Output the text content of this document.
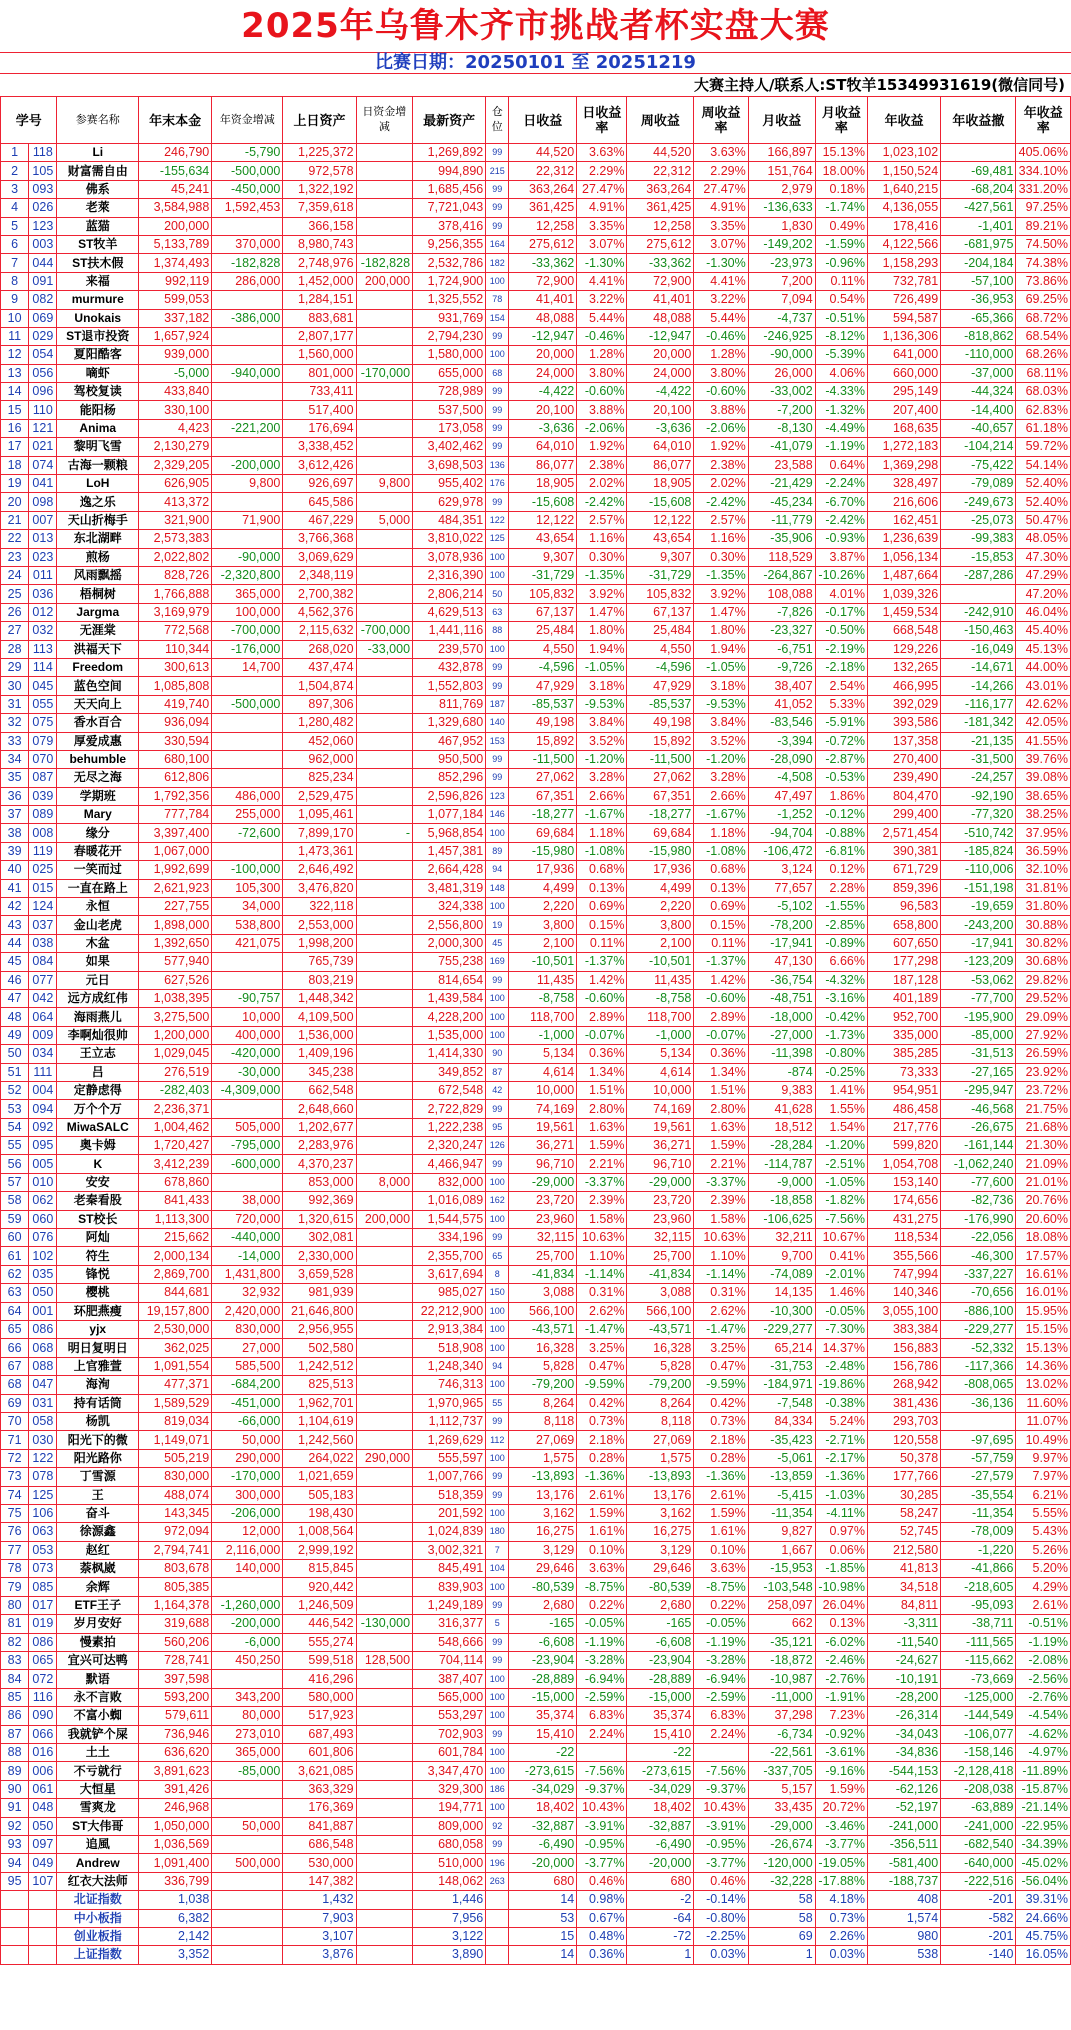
2025年乌鲁木齐市挑战者杯实盘大赛
比赛日期：20250101 至 20251219
大赛主持人/联系人:ST牧羊15349931619(微信同号)
学号		参赛名称	年末本金	年资金增减	上日资产	日资金增减	最新资产	仓位	日收益	日收益率	周收益	周收益率	月收益	月收益率	年收益	年收益撤	年收益率
1	118	Li	246,790	-5,790	1,225,372		1,269,892	99	44,520	3.63%	44,520	3.63%	166,897	15.13%	1,023,102		405.06%
2	105	财富需自由	-155,634	-500,000	972,578		994,890	215	22,312	2.29%	22,312	2.29%	151,764	18.00%	1,150,524	-69,481	334.10%
3	093	佛系	45,241	-450,000	1,322,192		1,685,456	99	363,264	27.47%	363,264	27.47%	2,979	0.18%	1,640,215	-68,204	331.20%
4	026	老萊	3,584,988	1,592,453	7,359,618		7,721,043	99	361,425	4.91%	361,425	4.91%	-136,633	-1.74%	4,136,055	-427,561	97.25%
5	123	蓝猫	200,000		366,158		378,416	99	12,258	3.35%	12,258	3.35%	1,830	0.49%	178,416	-1,401	89.21%
6	003	ST牧羊	5,133,789	370,000	8,980,743		9,256,355	164	275,612	3.07%	275,612	3.07%	-149,202	-1.59%	4,122,566	-681,975	74.50%
7	044	ST扶木假	1,374,493	-182,828	2,748,976	-182,828	2,532,786	182	-33,362	-1.30%	-33,362	-1.30%	-23,973	-0.96%	1,158,293	-204,184	74.38%
8	091	来福	992,119	286,000	1,452,000	200,000	1,724,900	100	72,900	4.41%	72,900	4.41%	7,200	0.11%	732,781	-57,100	73.86%
9	082	murmure	599,053		1,284,151		1,325,552	78	41,401	3.22%	41,401	3.22%	7,094	0.54%	726,499	-36,953	69.25%
10	069	Unokais	337,182	-386,000	883,681		931,769	154	48,088	5.44%	48,088	5.44%	-4,737	-0.51%	594,587	-65,366	68.72%
11	029	ST退市投资	1,657,924		2,807,177		2,794,230	99	-12,947	-0.46%	-12,947	-0.46%	-246,925	-8.12%	1,136,306	-818,862	68.54%
12	054	夏阳酷客	939,000		1,560,000		1,580,000	100	20,000	1.28%	20,000	1.28%	-90,000	-5.39%	641,000	-110,000	68.26%
13	056	嘀虾	-5,000	-940,000	801,000	-170,000	655,000	68	24,000	3.80%	24,000	3.80%	26,000	4.06%	660,000	-37,000	68.11%
14	096	驾校复读	433,840		733,411		728,989	99	-4,422	-0.60%	-4,422	-0.60%	-33,002	-4.33%	295,149	-44,324	68.03%
15	110	能阳杨	330,100		517,400		537,500	99	20,100	3.88%	20,100	3.88%	-7,200	-1.32%	207,400	-14,400	62.83%
16	121	Anima	4,423	-221,200	176,694		173,058	99	-3,636	-2.06%	-3,636	-2.06%	-8,130	-4.49%	168,635	-40,657	61.18%
17	021	黎明飞雪	2,130,279		3,338,452		3,402,462	99	64,010	1.92%	64,010	1.92%	-41,079	-1.19%	1,272,183	-104,214	59.72%
18	074	古海一颗粮	2,329,205	-200,000	3,612,426		3,698,503	136	86,077	2.38%	86,077	2.38%	23,588	0.64%	1,369,298	-75,422	54.14%
19	041	LoH	626,905	9,800	926,697	9,800	955,402	176	18,905	2.02%	18,905	2.02%	-21,429	-2.24%	328,497	-79,089	52.40%
20	098	逸之乐	413,372		645,586		629,978	99	-15,608	-2.42%	-15,608	-2.42%	-45,234	-6.70%	216,606	-249,673	52.40%
21	007	天山折梅手	321,900	71,900	467,229	5,000	484,351	122	12,122	2.57%	12,122	2.57%	-11,779	-2.42%	162,451	-25,073	50.47%
22	013	东北湖畔	2,573,383		3,766,368		3,810,022	125	43,654	1.16%	43,654	1.16%	-35,906	-0.93%	1,236,639	-99,383	48.05%
23	023	煎杨	2,022,802	-90,000	3,069,629		3,078,936	100	9,307	0.30%	9,307	0.30%	118,529	3.87%	1,056,134	-15,853	47.30%
24	011	风雨飘摇	828,726	-2,320,800	2,348,119		2,316,390	100	-31,729	-1.35%	-31,729	-1.35%	-264,867	-10.26%	1,487,664	-287,286	47.29%
25	036	梧桐树	1,766,888	365,000	2,700,382		2,806,214	50	105,832	3.92%	105,832	3.92%	108,088	4.01%	1,039,326		47.20%
26	012	Jargma	3,169,979	100,000	4,562,376		4,629,513	63	67,137	1.47%	67,137	1.47%	-7,826	-0.17%	1,459,534	-242,910	46.04%
27	032	无涯棠	772,568	-700,000	2,115,632	-700,000	1,441,116	88	25,484	1.80%	25,484	1.80%	-23,327	-0.50%	668,548	-150,463	45.40%
28	113	洪福天下	110,344	-176,000	268,020	-33,000	239,570	100	4,550	1.94%	4,550	1.94%	-6,751	-2.19%	129,226	-16,049	45.13%
29	114	Freedom	300,613	14,700	437,474		432,878	99	-4,596	-1.05%	-4,596	-1.05%	-9,726	-2.18%	132,265	-14,671	44.00%
30	045	蓝色空间	1,085,808		1,504,874		1,552,803	99	47,929	3.18%	47,929	3.18%	38,407	2.54%	466,995	-14,266	43.01%
31	055	天天向上	419,740	-500,000	897,306		811,769	187	-85,537	-9.53%	-85,537	-9.53%	41,052	5.33%	392,029	-116,177	42.62%
32	075	香水百合	936,094		1,280,482		1,329,680	140	49,198	3.84%	49,198	3.84%	-83,546	-5.91%	393,586	-181,342	42.05%
33	079	厚爱成惠	330,594		452,060		467,952	153	15,892	3.52%	15,892	3.52%	-3,394	-0.72%	137,358	-21,135	41.55%
34	070	behumble	680,100		962,000		950,500	99	-11,500	-1.20%	-11,500	-1.20%	-28,090	-2.87%	270,400	-31,500	39.76%
35	087	无尽之海	612,806		825,234		852,296	99	27,062	3.28%	27,062	3.28%	-4,508	-0.53%	239,490	-24,257	39.08%
36	039	学期班	1,792,356	486,000	2,529,475		2,596,826	123	67,351	2.66%	67,351	2.66%	47,497	1.86%	804,470	-92,190	38.65%
37	089	Mary	777,784	255,000	1,095,461		1,077,184	146	-18,277	-1.67%	-18,277	-1.67%	-1,252	-0.12%	299,400	-77,320	38.25%
38	008	缘分	3,397,400	-72,600	7,899,170	-	5,968,854	100	69,684	1.18%	69,684	1.18%	-94,704	-0.88%	2,571,454	-510,742	37.95%
39	119	春暖花开	1,067,000		1,473,361		1,457,381	89	-15,980	-1.08%	-15,980	-1.08%	-106,472	-6.81%	390,381	-185,824	36.59%
40	025	一笑而过	1,992,699	-100,000	2,646,492		2,664,428	94	17,936	0.68%	17,936	0.68%	3,124	0.12%	671,729	-110,006	32.10%
41	015	一直在路上	2,621,923	105,300	3,476,820		3,481,319	148	4,499	0.13%	4,499	0.13%	77,657	2.28%	859,396	-151,198	31.81%
42	124	永恒	227,755	34,000	322,118		324,338	100	2,220	0.69%	2,220	0.69%	-5,102	-1.55%	96,583	-19,659	31.80%
43	037	金山老虎	1,898,000	538,800	2,553,000		2,556,800	19	3,800	0.15%	3,800	0.15%	-78,200	-2.85%	658,800	-243,200	30.88%
44	038	木盆	1,392,650	421,075	1,998,200		2,000,300	45	2,100	0.11%	2,100	0.11%	-17,941	-0.89%	607,650	-17,941	30.82%
45	084	如果	577,940		765,739		755,238	169	-10,501	-1.37%	-10,501	-1.37%	47,130	6.66%	177,298	-123,209	30.68%
46	077	元日	627,526		803,219		814,654	99	11,435	1.42%	11,435	1.42%	-36,754	-4.32%	187,128	-53,062	29.82%
47	042	远方成红伟	1,038,395	-90,757	1,448,342		1,439,584	100	-8,758	-0.60%	-8,758	-0.60%	-48,751	-3.16%	401,189	-77,700	29.52%
48	064	海雨燕儿	3,275,500	10,000	4,109,500		4,228,200	100	118,700	2.89%	118,700	2.89%	-18,000	-0.42%	952,700	-195,900	29.09%
49	009	李啊灿很帅	1,200,000	400,000	1,536,000		1,535,000	100	-1,000	-0.07%	-1,000	-0.07%	-27,000	-1.73%	335,000	-85,000	27.92%
50	034	王立志	1,029,045	-420,000	1,409,196		1,414,330	90	5,134	0.36%	5,134	0.36%	-11,398	-0.80%	385,285	-31,513	26.59%
51	111	吕	276,519	-30,000	345,238		349,852	87	4,614	1.34%	4,614	1.34%	-874	-0.25%	73,333	-27,165	23.92%
52	004	定静虑得	-282,403	-4,309,000	662,548		672,548	42	10,000	1.51%	10,000	1.51%	9,383	1.41%	954,951	-295,947	23.72%
53	094	万个个万	2,236,371		2,648,660		2,722,829	99	74,169	2.80%	74,169	2.80%	41,628	1.55%	486,458	-46,568	21.75%
54	092	MiwaSALC	1,004,462	505,000	1,202,677		1,222,238	95	19,561	1.63%	19,561	1.63%	18,512	1.54%	217,776	-26,675	21.68%
55	095	奥卡姆	1,720,427	-795,000	2,283,976		2,320,247	126	36,271	1.59%	36,271	1.59%	-28,284	-1.20%	599,820	-161,144	21.30%
56	005	K	3,412,239	-600,000	4,370,237		4,466,947	99	96,710	2.21%	96,710	2.21%	-114,787	-2.51%	1,054,708	-1,062,240	21.09%
57	010	安安	678,860		853,000	8,000	832,000	100	-29,000	-3.37%	-29,000	-3.37%	-9,000	-1.05%	153,140	-77,600	21.01%
58	062	老秦看股	841,433	38,000	992,369		1,016,089	162	23,720	2.39%	23,720	2.39%	-18,858	-1.82%	174,656	-82,736	20.76%
59	060	ST校长	1,113,300	720,000	1,320,615	200,000	1,544,575	100	23,960	1.58%	23,960	1.58%	-106,625	-7.56%	431,275	-176,990	20.60%
60	076	阿灿	215,662	-440,000	302,081		334,196	99	32,115	10.63%	32,115	10.63%	32,211	10.67%	118,534	-22,056	18.08%
61	102	符生	2,000,134	-14,000	2,330,000		2,355,700	65	25,700	1.10%	25,700	1.10%	9,700	0.41%	355,566	-46,300	17.57%
62	035	锋悦	2,869,700	1,431,800	3,659,528		3,617,694	8	-41,834	-1.14%	-41,834	-1.14%	-74,089	-2.01%	747,994	-337,227	16.61%
63	050	樱桃	844,681	32,932	981,939		985,027	150	3,088	0.31%	3,088	0.31%	14,135	1.46%	140,346	-70,656	16.01%
64	001	环肥燕瘦	19,157,800	2,420,000	21,646,800		22,212,900	100	566,100	2.62%	566,100	2.62%	-10,300	-0.05%	3,055,100	-886,100	15.95%
65	086	yjx	2,530,000	830,000	2,956,955		2,913,384	100	-43,571	-1.47%	-43,571	-1.47%	-229,277	-7.30%	383,384	-229,277	15.15%
66	068	明日复明日	362,025	27,000	502,580		518,908	100	16,328	3.25%	16,328	3.25%	65,214	14.37%	156,883	-52,332	15.13%
67	088	上官雅萱	1,091,554	585,500	1,242,512		1,248,340	94	5,828	0.47%	5,828	0.47%	-31,753	-2.48%	156,786	-117,366	14.36%
68	047	海洵	477,371	-684,200	825,513		746,313	100	-79,200	-9.59%	-79,200	-9.59%	-184,971	-19.86%	268,942	-808,065	13.02%
69	031	持有话筒	1,589,529	-451,000	1,962,701		1,970,965	55	8,264	0.42%	8,264	0.42%	-7,548	-0.38%	381,436	-36,136	11.60%
70	058	杨凯	819,034	-66,000	1,104,619		1,112,737	99	8,118	0.73%	8,118	0.73%	84,334	5.24%	293,703		11.07%
71	030	阳光下的微	1,149,071	50,000	1,242,560		1,269,629	112	27,069	2.18%	27,069	2.18%	-35,423	-2.71%	120,558	-97,695	10.49%
72	122	阳光路你	505,219	290,000	264,022	290,000	555,597	100	1,575	0.28%	1,575	0.28%	-5,061	-2.17%	50,378	-57,759	9.97%
73	078	丁雪源	830,000	-170,000	1,021,659		1,007,766	99	-13,893	-1.36%	-13,893	-1.36%	-13,859	-1.36%	177,766	-27,579	7.97%
74	125	王	488,074	300,000	505,183		518,359	99	13,176	2.61%	13,176	2.61%	-5,415	-1.03%	30,285	-35,554	6.21%
75	106	奋斗	143,345	-206,000	198,430		201,592	100	3,162	1.59%	3,162	1.59%	-11,354	-4.11%	58,247	-11,354	5.55%
76	063	徐源鑫	972,094	12,000	1,008,564		1,024,839	180	16,275	1.61%	16,275	1.61%	9,827	0.97%	52,745	-78,009	5.43%
77	053	赵红	2,794,741	2,116,000	2,999,192		3,002,321	7	3,129	0.10%	3,129	0.10%	1,667	0.06%	212,580	-1,220	5.26%
78	073	萘枫崴	803,678	140,000	815,845		845,491	104	29,646	3.63%	29,646	3.63%	-15,953	-1.85%	41,813	-41,866	5.20%
79	085	余辉	805,385		920,442		839,903	100	-80,539	-8.75%	-80,539	-8.75%	-103,548	-10.98%	34,518	-218,605	4.29%
80	017	ETF王子	1,164,378	-1,260,000	1,246,509		1,249,189	99	2,680	0.22%	2,680	0.22%	258,097	26.04%	84,811	-95,093	2.61%
81	019	岁月安好	319,688	-200,000	446,542	-130,000	316,377	5	-165	-0.05%	-165	-0.05%	662	0.13%	-3,311	-38,711	-0.51%
82	086	慢素拍	560,206	-6,000	555,274		548,666	99	-6,608	-1.19%	-6,608	-1.19%	-35,121	-6.02%	-11,540	-111,565	-1.19%
83	065	宜兴可达鸭	728,741	450,250	599,518	128,500	704,114	99	-23,904	-3.28%	-23,904	-3.28%	-18,872	-2.46%	-24,627	-115,662	-2.08%
84	072	默语	397,598		416,296		387,407	100	-28,889	-6.94%	-28,889	-6.94%	-10,987	-2.76%	-10,191	-73,669	-2.56%
85	116	永不言败	593,200	343,200	580,000		565,000	100	-15,000	-2.59%	-15,000	-2.59%	-11,000	-1.91%	-28,200	-125,000	-2.76%
86	090	不富小蜘	579,611	80,000	517,923		553,297	100	35,374	6.83%	35,374	6.83%	37,298	7.23%	-26,314	-144,549	-4.54%
87	066	我就铲个屎	736,946	273,010	687,493		702,903	99	15,410	2.24%	15,410	2.24%	-6,734	-0.92%	-34,043	-106,077	-4.62%
88	016	土土	636,620	365,000	601,806		601,784	100	-22		-22		-22,561	-3.61%	-34,836	-158,146	-4.97%
89	006	不亏就行	3,891,623	-85,000	3,621,085		3,347,470	100	-273,615	-7.56%	-273,615	-7.56%	-337,705	-9.16%	-544,153	-2,128,418	-11.89%
90	061	大恒星	391,426		363,329		329,300	186	-34,029	-9.37%	-34,029	-9.37%	5,157	1.59%	-62,126	-208,038	-15.87%
91	048	雪爽龙	246,968		176,369		194,771	100	18,402	10.43%	18,402	10.43%	33,435	20.72%	-52,197	-63,889	-21.14%
92	050	ST大伟哥	1,050,000	50,000	841,887		809,000	92	-32,887	-3.91%	-32,887	-3.91%	-29,000	-3.46%	-241,000	-241,000	-22.95%
93	097	追風	1,036,569		686,548		680,058	99	-6,490	-0.95%	-6,490	-0.95%	-26,674	-3.77%	-356,511	-682,540	-34.39%
94	049	Andrew	1,091,400	500,000	530,000		510,000	196	-20,000	-3.77%	-20,000	-3.77%	-120,000	-19.05%	-581,400	-640,000	-45.02%
95	107	红衣大法师	336,799		147,382		148,062	263	680	0.46%	680	0.46%	-32,228	-17.88%	-188,737	-222,516	-56.04%
		北证指数	1,038		1,432		1,446		14	0.98%	-2	-0.14%	58	4.18%	408	-201	39.31%
		中小板指	6,382		7,903		7,956		53	0.67%	-64	-0.80%	58	0.73%	1,574	-582	24.66%
		创业板指	2,142		3,107		3,122		15	0.48%	-72	-2.25%	69	2.26%	980	-201	45.75%
		上证指数	3,352		3,876		3,890		14	0.36%	1	0.03%	1	0.03%	538	-140	16.05%
